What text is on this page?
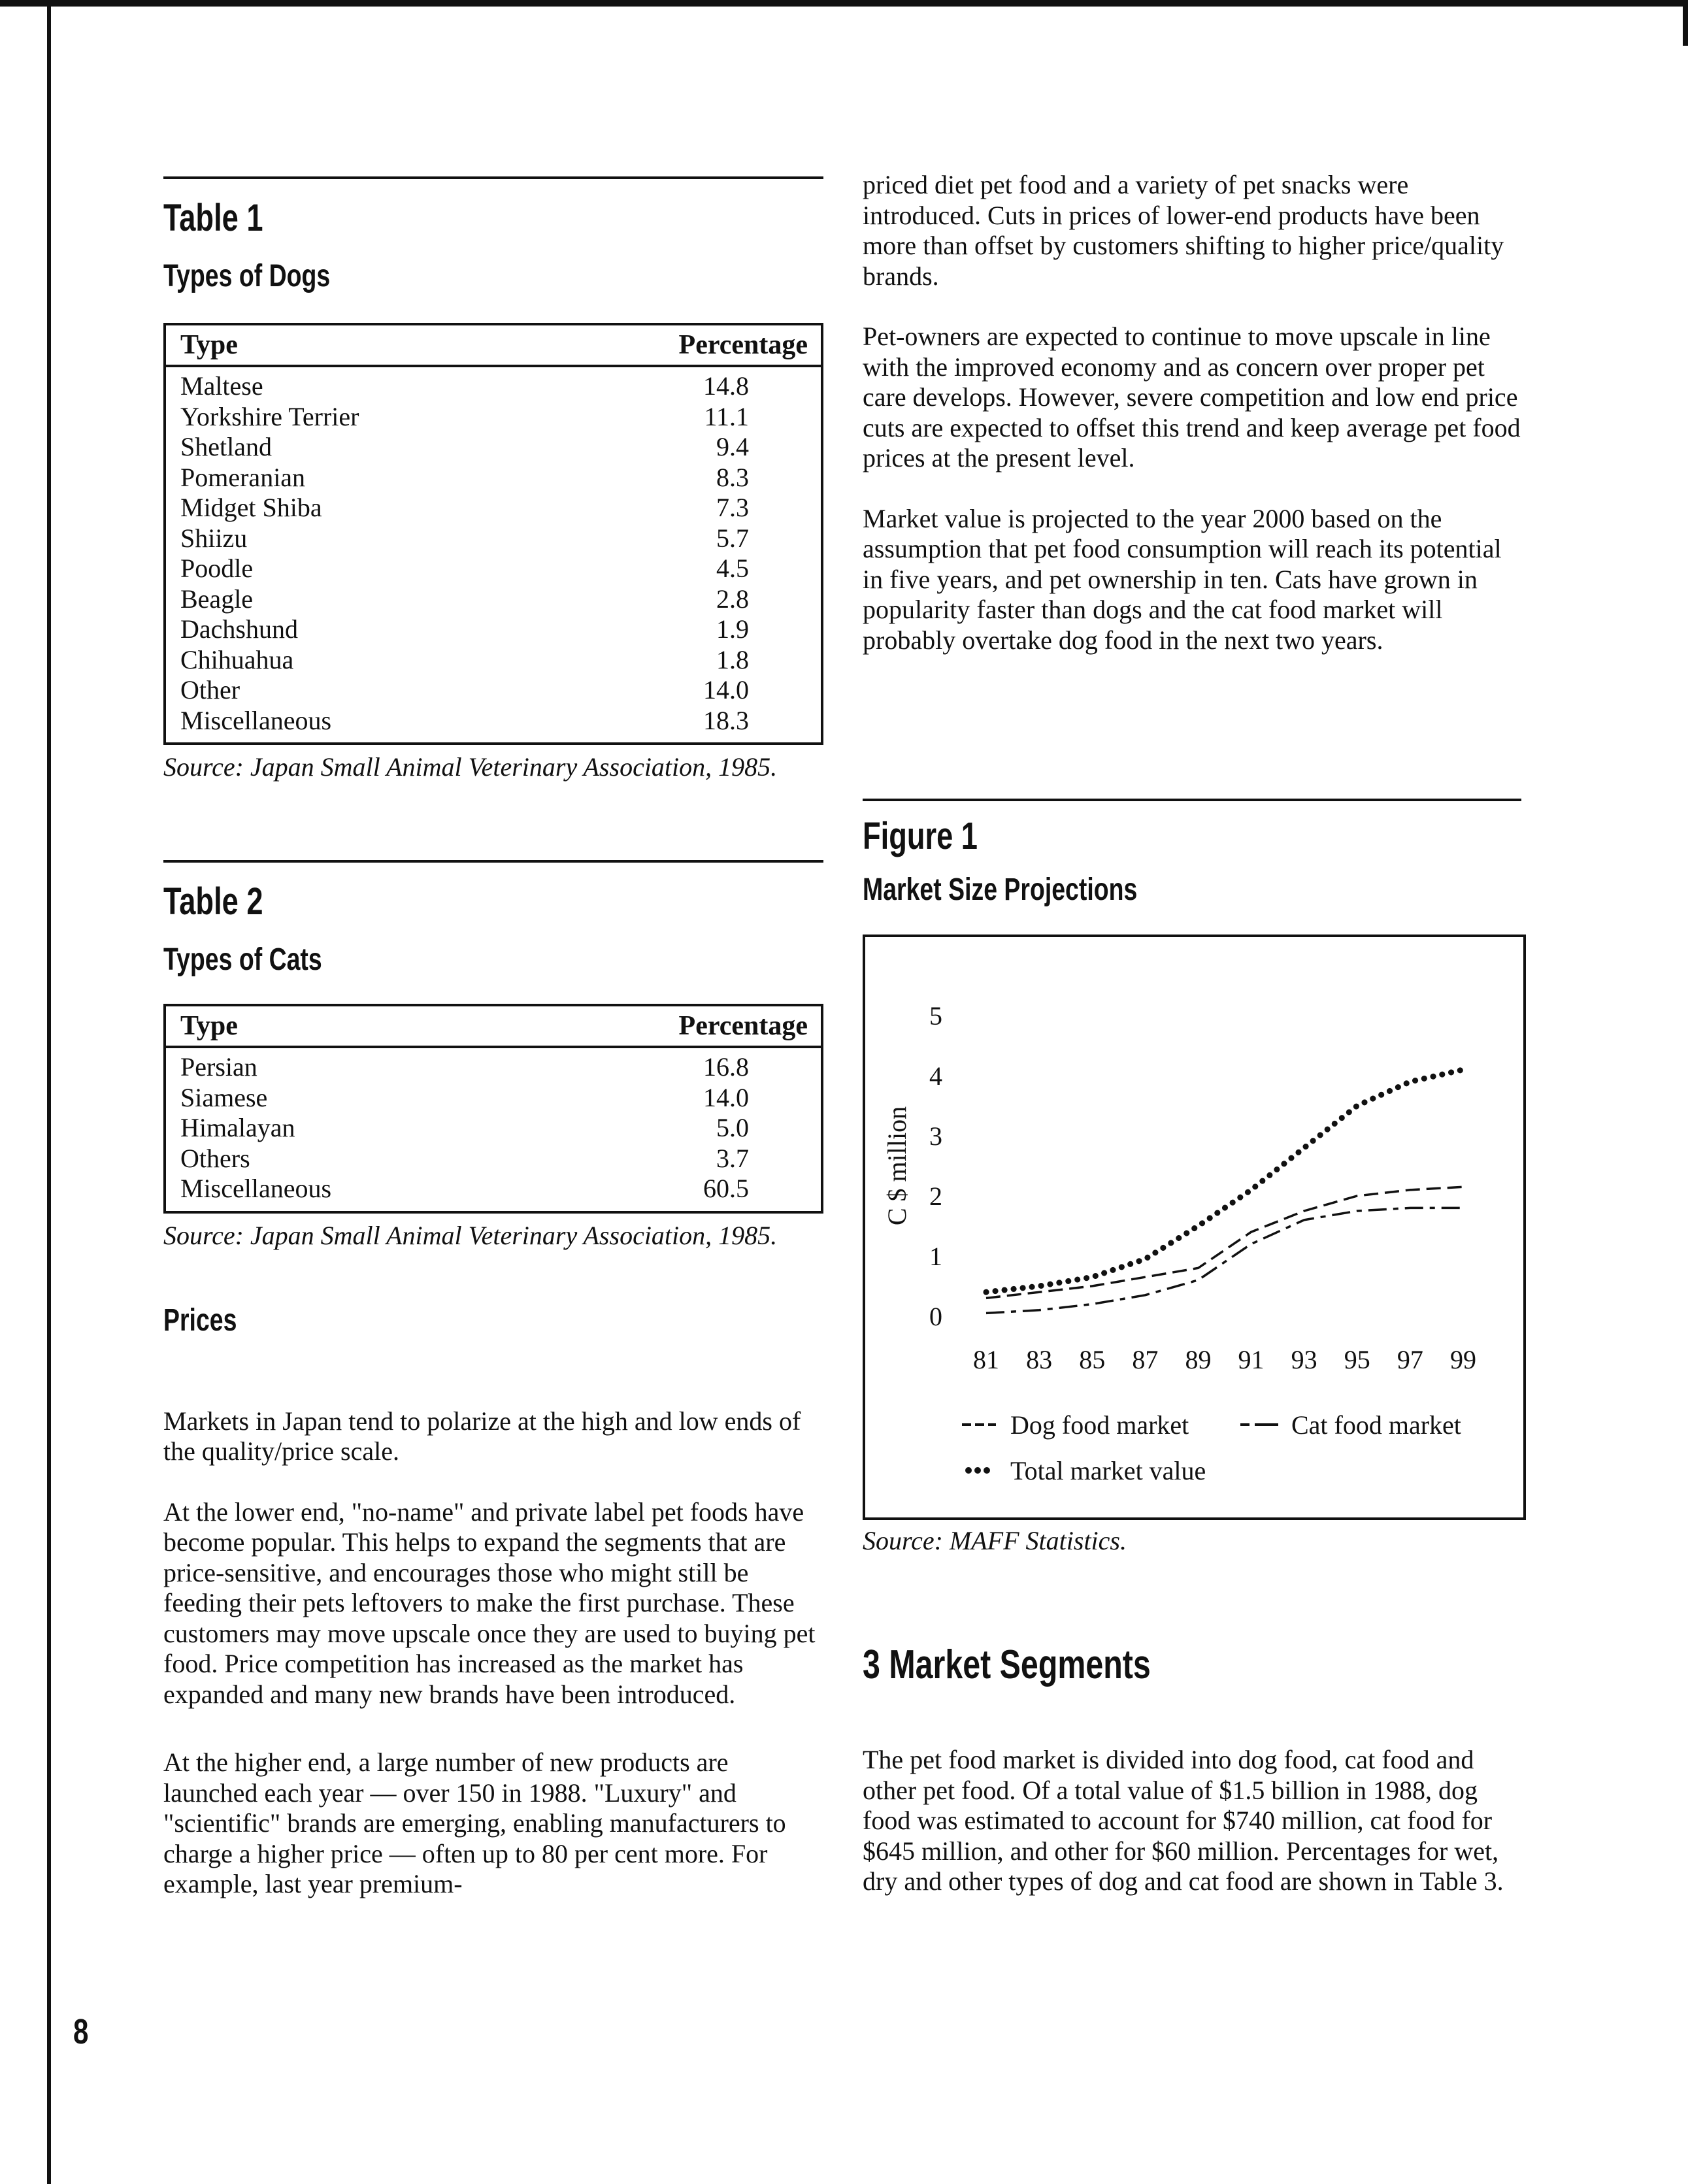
Table 1
Types of Dogs
Type	Percentage
Maltese	14.8
Yorkshire Terrier	11.1
Shetland	9.4
Pomeranian	8.3
Midget Shiba	7.3
Shiizu	5.7
Poodle	4.5
Beagle	2.8
Dachshund	1.9
Chihuahua	1.8
Other	14.0
Miscellaneous	18.3
Source: Japan Small Animal Veterinary Association, 1985.
Table 2
Types of Cats
Type	Percentage
Persian	16.8
Siamese	14.0
Himalayan	5.0
Others	3.7
Miscellaneous	60.5
Source: Japan Small Animal Veterinary Association, 1985.
Prices

Markets in Japan tend to polarize at the high and low ends of the quality/price scale.

At the lower end, "no-name" and private label pet foods have become popular. This helps to expand the segments that are price-sensitive, and encourages those who might still be feeding their pets leftovers to make the first purchase. These customers may move upscale once they are used to buying pet food. Price competition has increased as the market has expanded and many new brands have been introduced.

At the higher end, a large number of new products are launched each year — over 150 in 1988. "Luxury" and "scientific" brands are emerging, enabling manufacturers to charge a higher price — often up to 80 per cent more. For example, last year premium-

8

priced diet pet food and a variety of pet snacks were introduced. Cuts in prices of lower-end products have been more than offset by customers shifting to higher price/quality brands.

Pet-owners are expected to continue to move upscale in line with the improved economy and as concern over proper pet care develops. However, severe competition and low end price cuts are expected to offset this trend and keep average pet food prices at the present level.

Market value is projected to the year 2000 based on the assumption that pet food consumption will reach its potential in five years, and pet ownership in ten. Cats have grown in popularity faster than dogs and the cat food market will probably overtake dog food in the next two years.

Figure 1
Market Size Projections
0
1
2
3
4
5
C $ million
81 83 85 87 89 91 93 95 97 99
Dog food market	Cat food market
Total market value
Source: MAFF Statistics.
3 Market Segments

The pet food market is divided into dog food, cat food and other pet food. Of a total value of $1.5 billion in 1988, dog food was estimated to account for $740 million, cat food for $645 million, and other for $60 million. Percentages for wet, dry and other types of dog and cat food are shown in Table 3.
